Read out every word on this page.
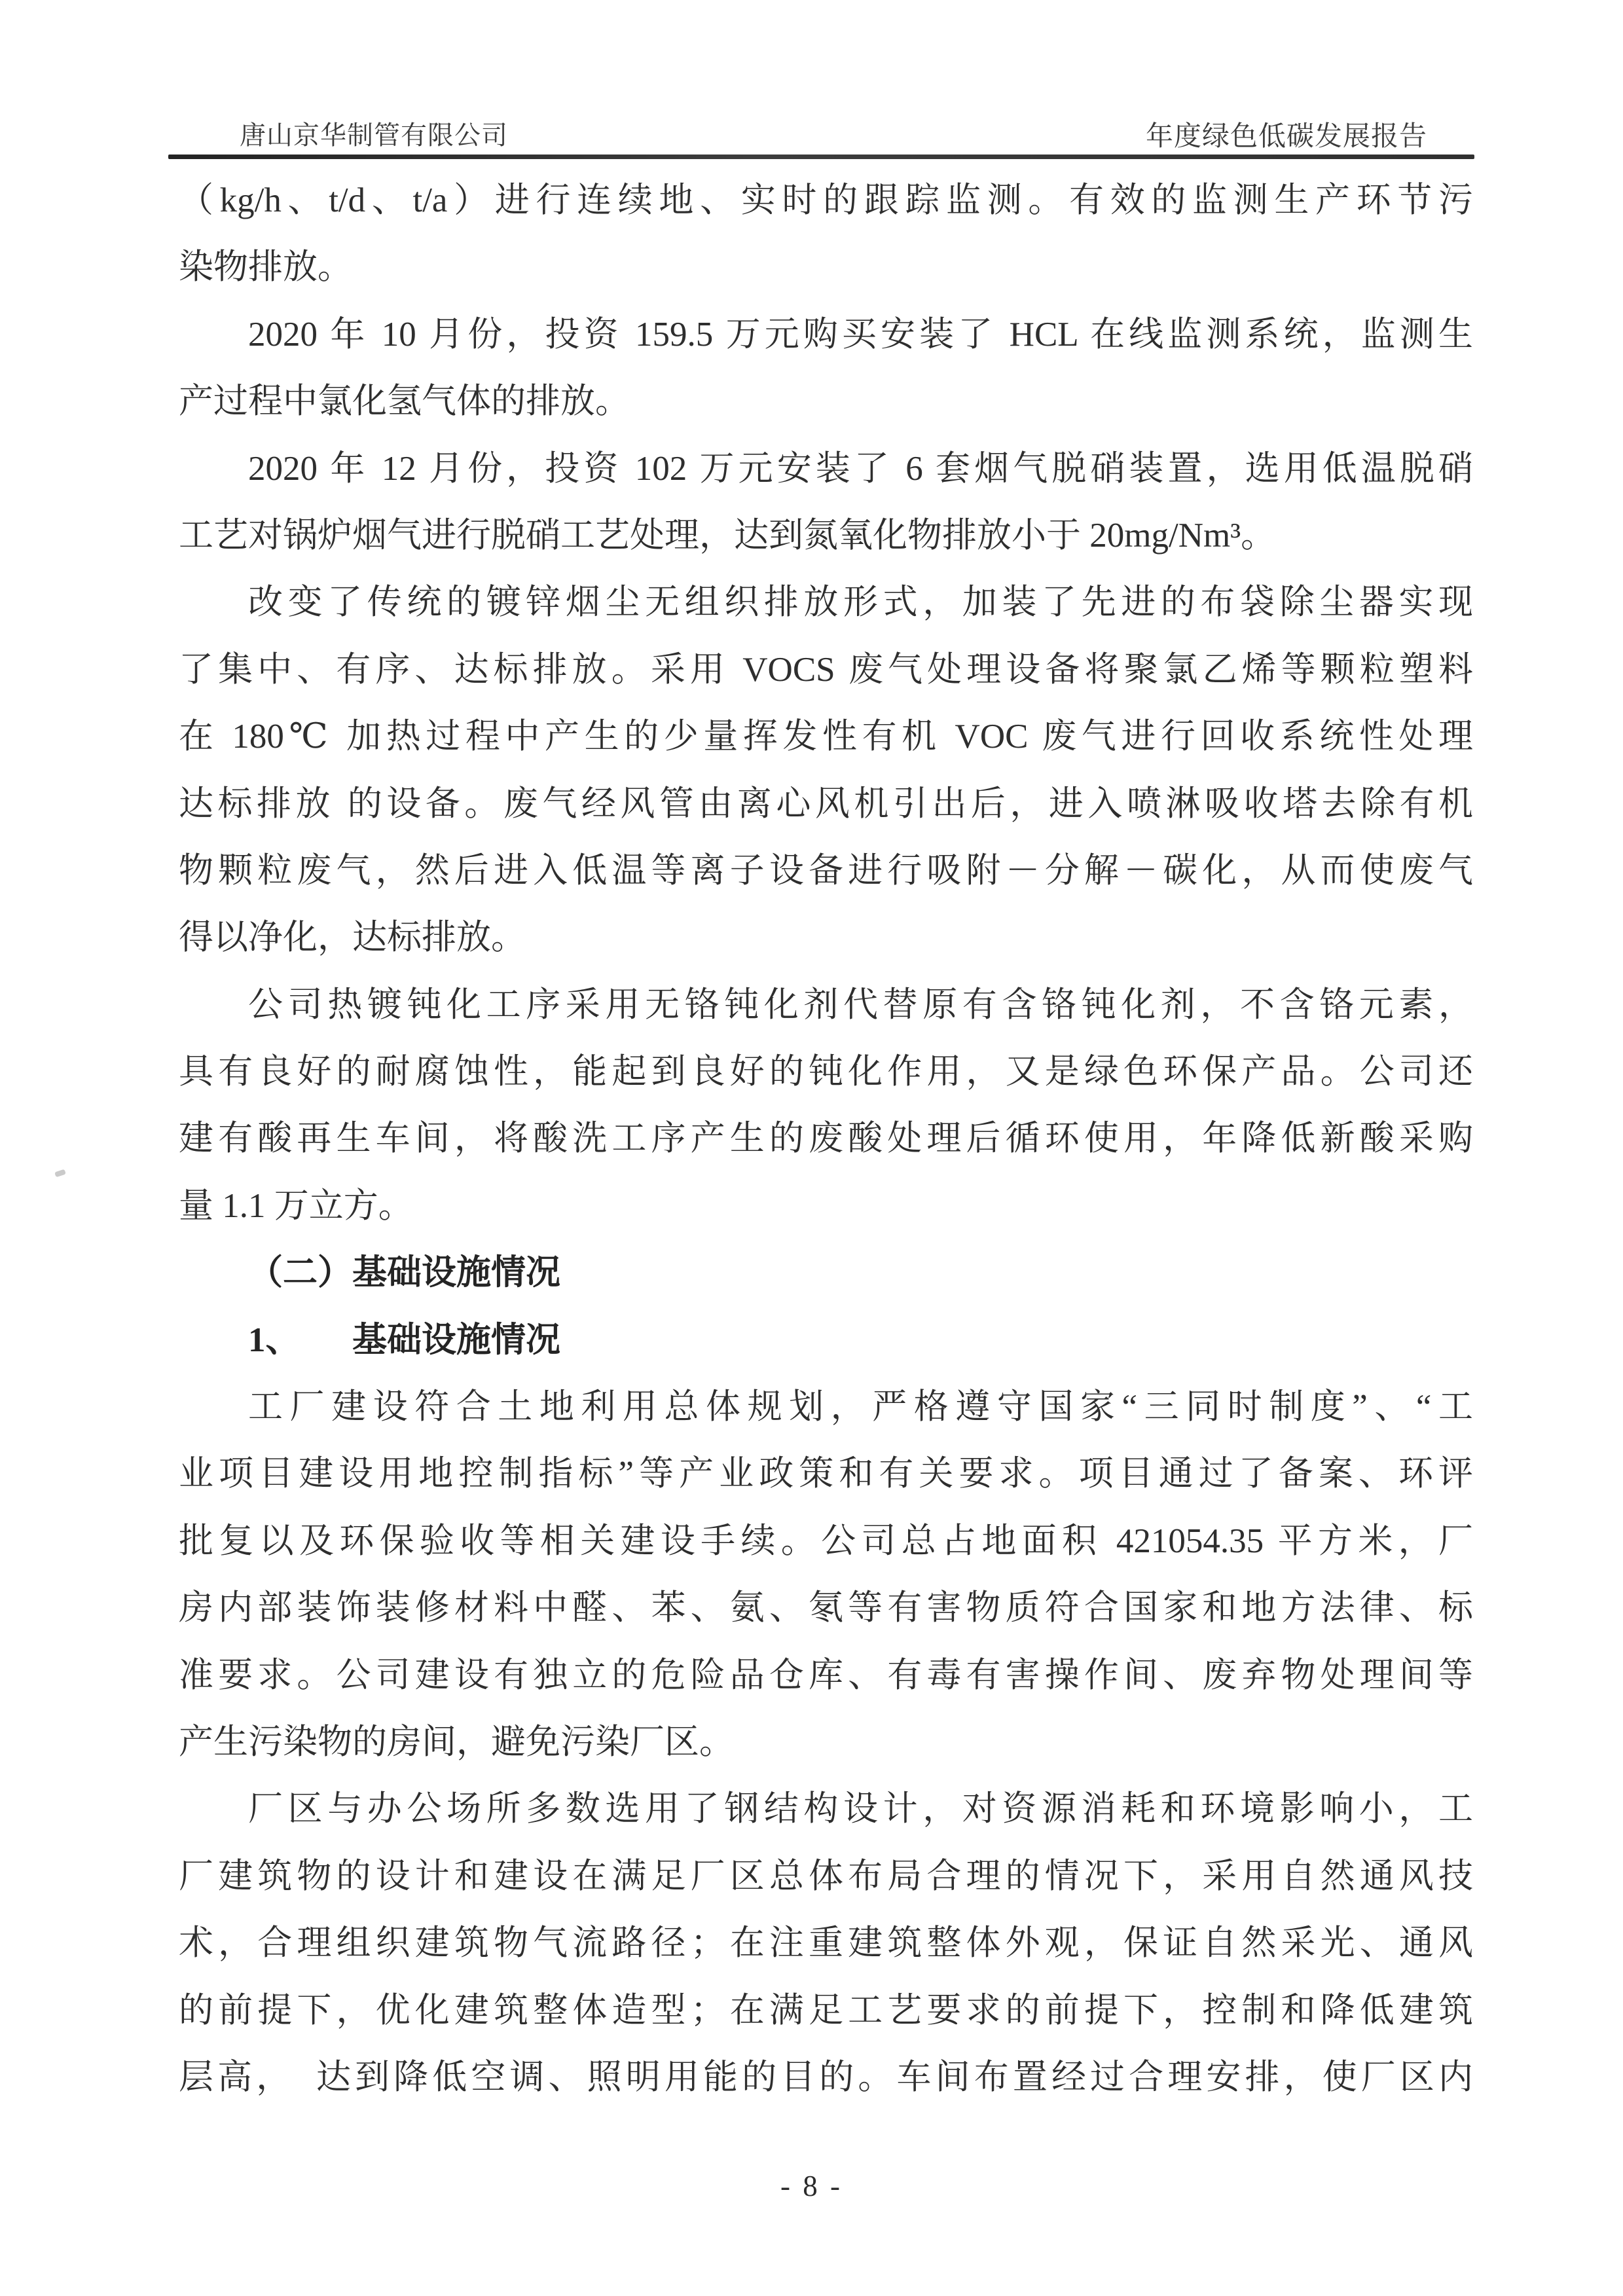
唐山京华制管有限公司	年度绿色低碳发展报告
（kg/h、t/d、t/a）进行连续地、实时的跟踪监测。有效的监测生产环节污
染物排放。
2020 年 10 月份，投资 159.5 万元购买安装了 HCL 在线监测系统，监测生
产过程中氯化氢气体的排放。
2020 年 12 月份，投资 102 万元安装了 6 套烟气脱硝装置，选用低温脱硝
工艺对锅炉烟气进行脱硝工艺处理，达到氮氧化物排放小于 20mg/Nm³。
改变了传统的镀锌烟尘无组织排放形式，加装了先进的布袋除尘器实现
了集中、有序、达标排放。采用 VOCS 废气处理设备将聚氯乙烯等颗粒塑料
在 180℃ 加热过程中产生的少量挥发性有机 VOC 废气进行回收系统性处理
达标排放 的设备。废气经风管由离心风机引出后，进入喷淋吸收塔去除有机
物颗粒废气，然后进入低温等离子设备进行吸附－分解－碳化，从而使废气
得以净化，达标排放。
公司热镀钝化工序采用无铬钝化剂代替原有含铬钝化剂，不含铬元素，
具有良好的耐腐蚀性，能起到良好的钝化作用，又是绿色环保产品。公司还
建有酸再生车间，将酸洗工序产生的废酸处理后循环使用，年降低新酸采购
量 1.1 万立方。
（二）基础设施情况
1、　　基础设施情况
工厂建设符合土地利用总体规划，严格遵守国家“三同时制度”、“工
业项目建设用地控制指标”等产业政策和有关要求。项目通过了备案、环评
批复以及环保验收等相关建设手续。公司总占地面积 421054.35 平方米，厂
房内部装饰装修材料中醛、苯、氨、氡等有害物质符合国家和地方法律、标
准要求。公司建设有独立的危险品仓库、有毒有害操作间、废弃物处理间等
产生污染物的房间，避免污染厂区。
厂区与办公场所多数选用了钢结构设计，对资源消耗和环境影响小，工
厂建筑物的设计和建设在满足厂区总体布局合理的情况下，采用自然通风技
术，合理组织建筑物气流路径；在注重建筑整体外观，保证自然采光、通风
的前提下，优化建筑整体造型；在满足工艺要求的前提下，控制和降低建筑
层高，　达到降低空调、照明用能的目的。车间布置经过合理安排，使厂区内
- 8 -
